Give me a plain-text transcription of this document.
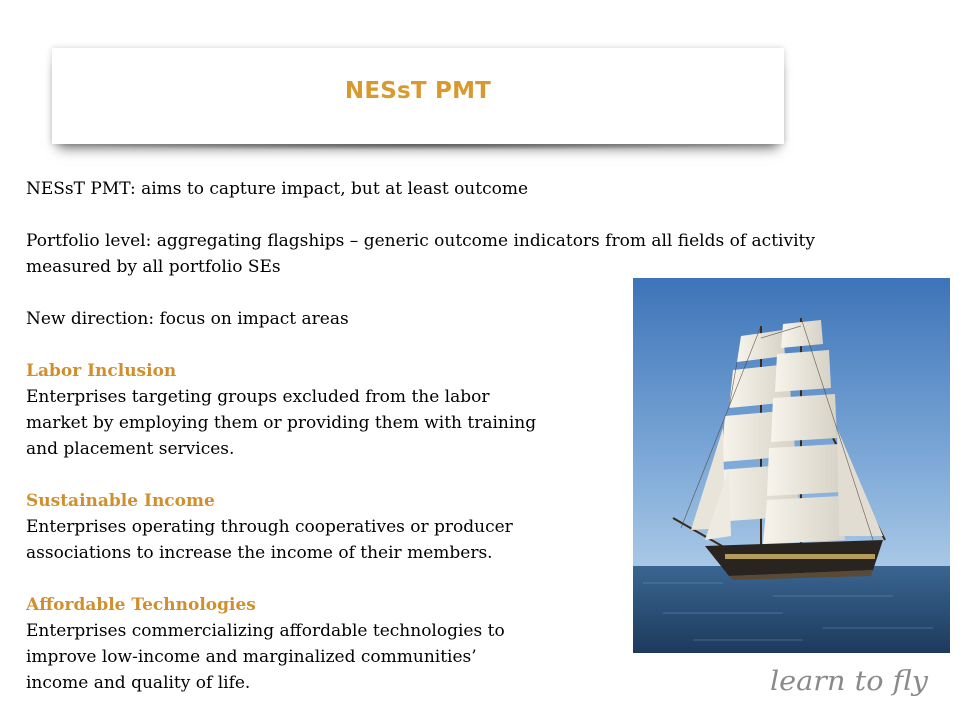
NESsT PMT

NESsT PMT: aims to capture impact, but at least outcome

Portfolio level: aggregating flagships – generic outcome indicators from all fields of activity

measured by all portfolio SEs

New direction: focus on impact areas

Labor Inclusion

Enterprises targeting groups excluded from the labor

market by employing them or providing them with training

and placement services.

Sustainable Income

Enterprises operating through cooperatives or producer

associations to increase the income of their members.

Affordable Technologies

Enterprises commercializing affordable technologies to

improve low-income and marginalized communities’

income and quality of life.	learn to fly
